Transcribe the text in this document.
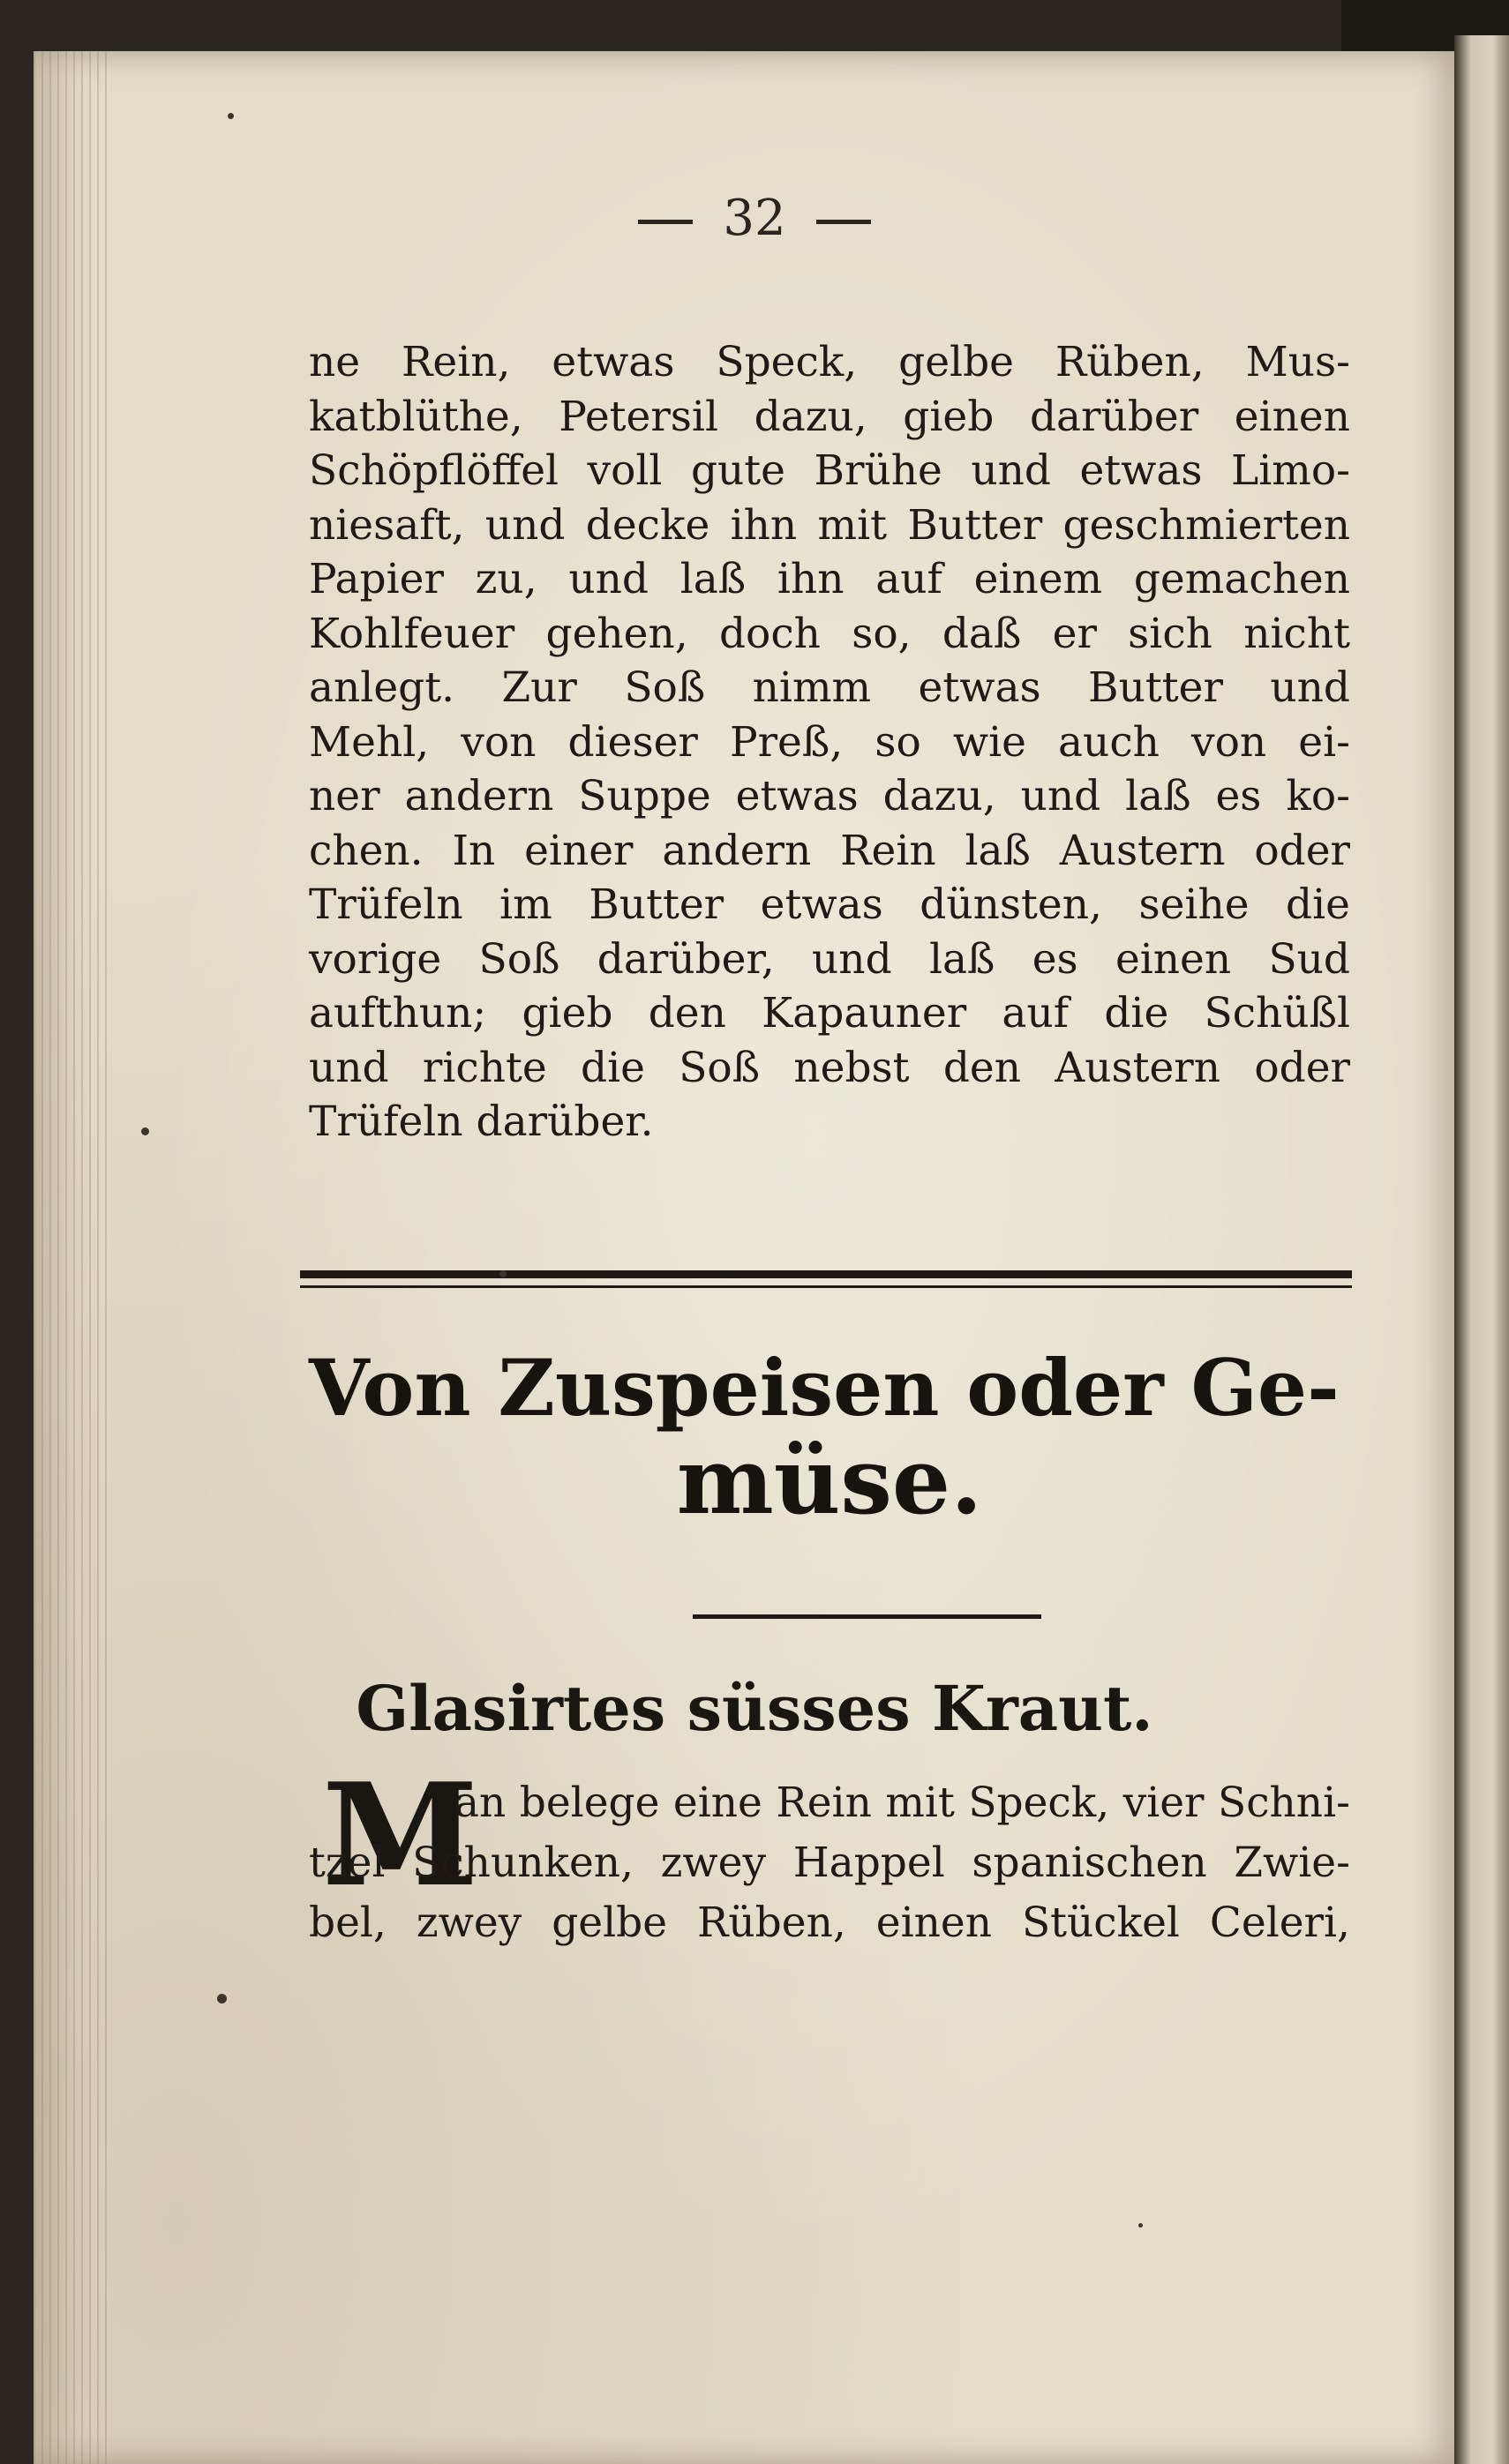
32
ne Rein, etwas Speck, gelbe Rüben, Mus-
katblüthe, Petersil dazu, gieb darüber einen
Schöpflöffel voll gute Brühe und etwas Limo-
niesaft, und decke ihn mit Butter geschmierten
Papier zu, und laß ihn auf einem gemachen
Kohlfeuer gehen, doch so, daß er sich nicht
anlegt. Zur Soß nimm etwas Butter und
Mehl, von dieser Preß, so wie auch von ei-
ner andern Suppe etwas dazu, und laß es ko-
chen. In einer andern Rein laß Austern oder
Trüfeln im Butter etwas dünsten, seihe die
vorige Soß darüber, und laß es einen Sud
aufthun; gieb den Kapauner auf die Schüßl
und richte die Soß nebst den Austern oder
Trüfeln darüber.
Von Zuspeisen oder Ge-
müse.
Glasirtes süsses Kraut.
M
an belege eine Rein mit Speck, vier Schni-
tzel Schunken, zwey Happel spanischen Zwie-
bel, zwey gelbe Rüben, einen Stückel Celeri,
